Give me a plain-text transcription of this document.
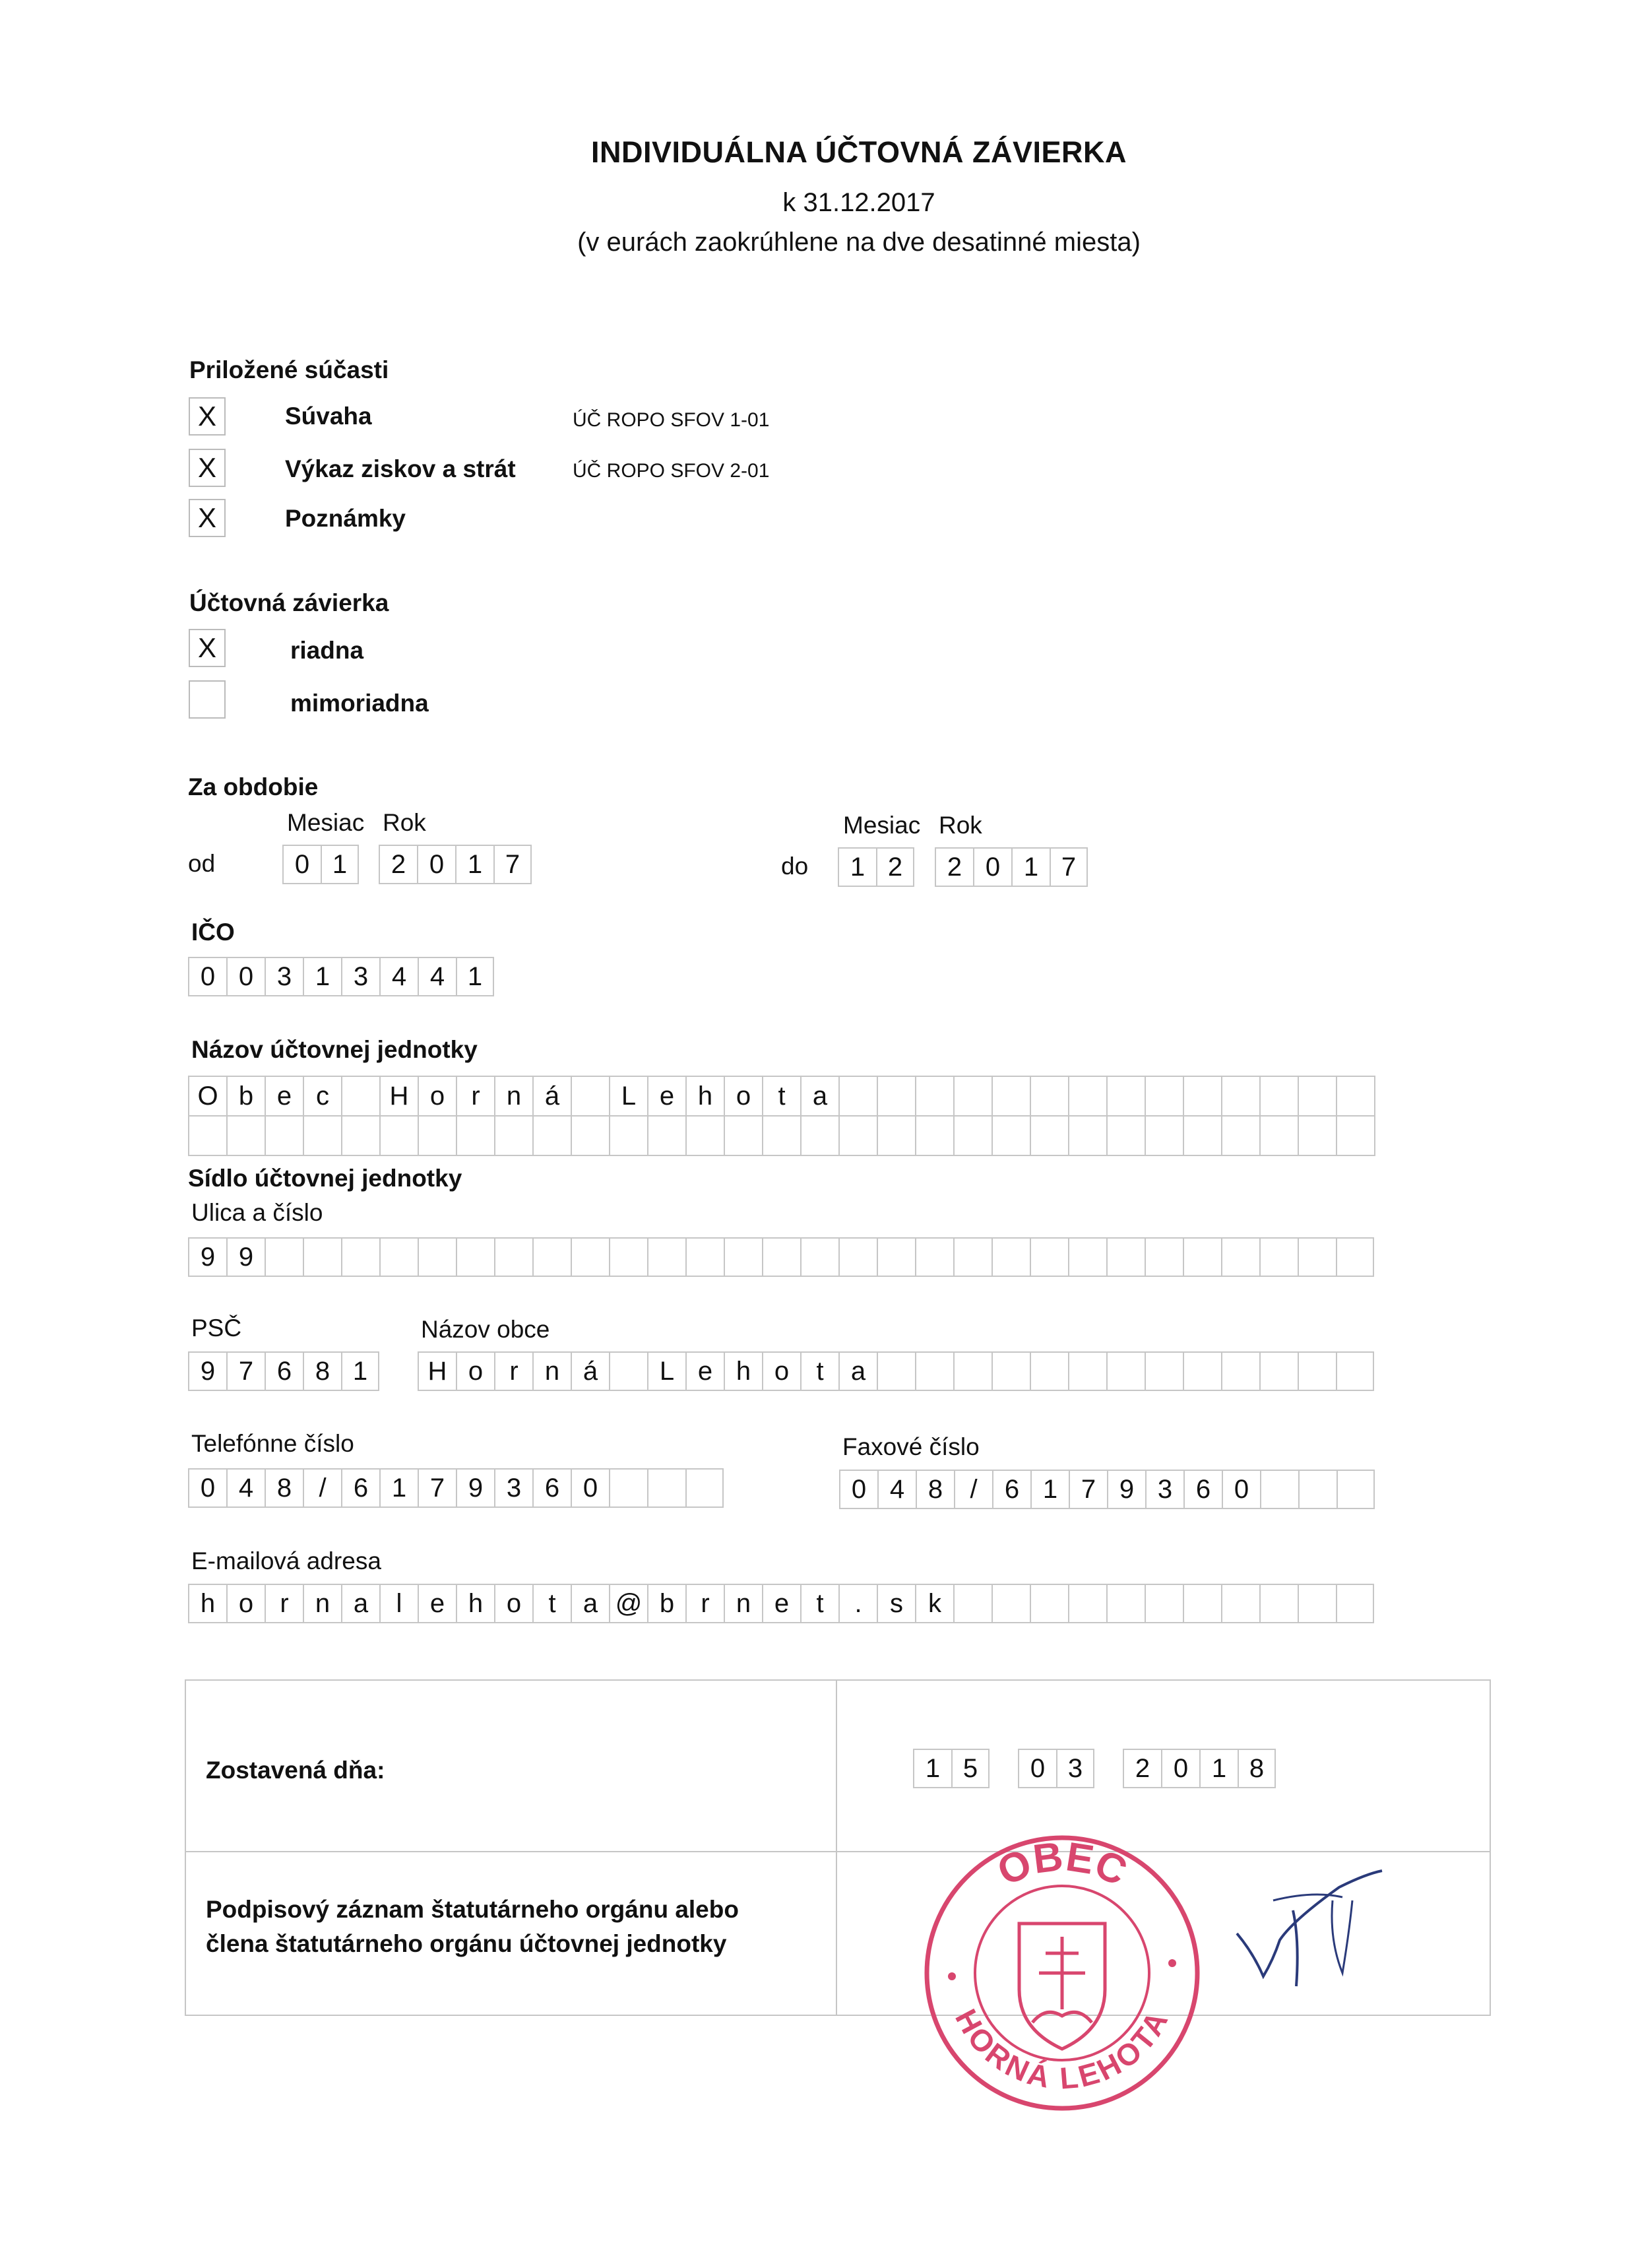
INDIVIDUÁLNA ÚČTOVNÁ ZÁVIERKA
k 31.12.2017
(v eurách zaokrúhlene na dve desatinné miesta)
Priložené súčasti
X	Súvaha	ÚČ ROPO SFOV 1-01
X	Výkaz ziskov a strát	ÚČ ROPO SFOV 2-01
X	Poznámky
Účtovná závierka
X	riadna
mimoriadna
Za obdobie
Mesiac Rok
od	0 1	2 0 1 7
Mesiac Rok
do	1 2	2 0 1 7
IČO
0 0 3 1 3 4 4 1
Názov účtovnej jednotky
O b e c	H o	r	n á	L e h o	t	a
Sídlo účtovnej jednotky
Ulica a číslo
9 9
PSČ
9 7 6 8 1
Názov obce
H o	r	n á	L e h o	t	a
Telefónne číslo
0 4 8	/	6 1 7 9 3 6 0
Faxové číslo
0 4 8	/	6 1 7 9 3 6 0
E-mailová adresa
h o	r	n a	l	e h o	t	a @ b	r	n e	t	.	s k
Zostavená dňa:	1 5	0 3	2 0 1 8
Podpisový záznam štatutárneho orgánu alebo
člena štatutárneho orgánu účtovnej jednotky
OBEC
HORNÁ LEHOTA
